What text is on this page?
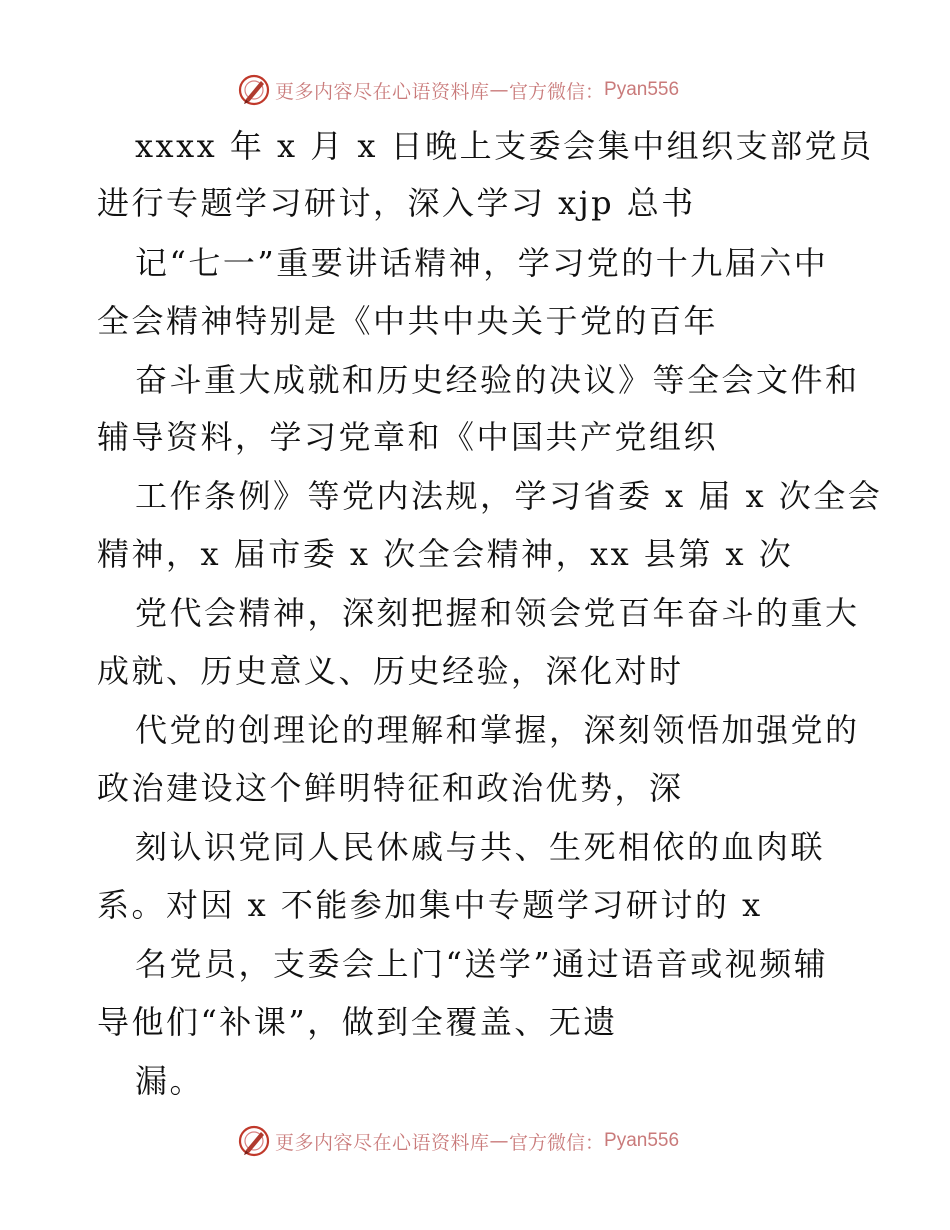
更多内容尽在心语资料库 — 官方微信： Pyan556
xxxx 年 x 月 x 日晚上支委会集中组织支部党员
进行专题学习研讨，深入学习 xjp 总书
记“七一”重要讲话精神，学习党的十九届六中
全会精神特别是《中共中央关于党的百年
奋斗重大成就和历史经验的决议》等全会文件和
辅导资料，学习党章和《中国共产党组织
工作条例》等党内法规，学习省委 x 届 x 次全会
精神，x 届市委 x 次全会精神，xx 县第 x 次
党代会精神，深刻把握和领会党百年奋斗的重大
成就、历史意义、历史经验，深化对时
代党的创理论的理解和掌握，深刻领悟加强党的
政治建设这个鲜明特征和政治优势，深
刻认识党同人民休戚与共、生死相依的血肉联
系。对因 x 不能参加集中专题学习研讨的 x
名党员，支委会上门“送学”通过语音或视频辅
导他们“补课”，做到全覆盖、无遗
漏。
更多内容尽在心语资料库 — 官方微信： Pyan556
